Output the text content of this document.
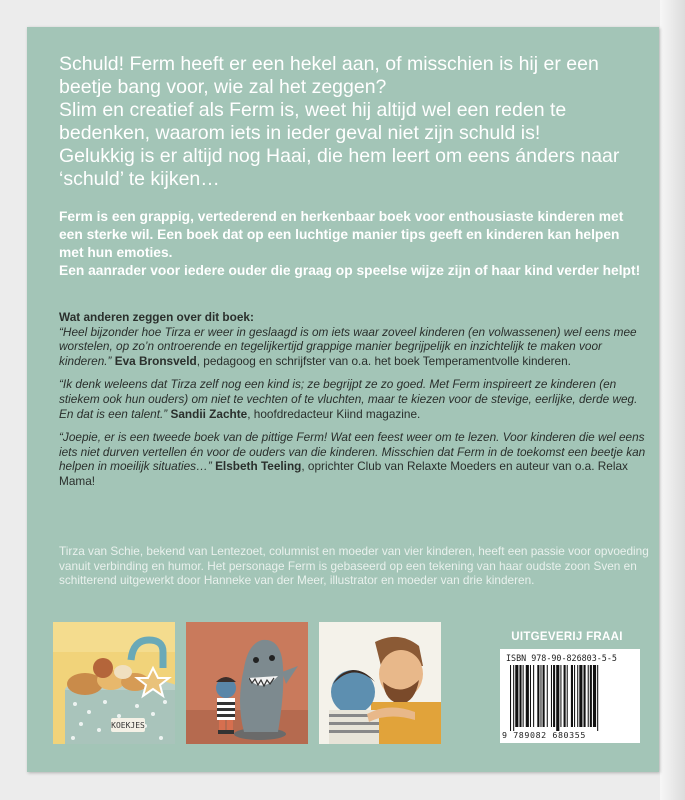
Schuld! Ferm heeft er een hekel aan, of misschien is hij er een beetje bang voor, wie zal het zeggen?

Slim en creatief als Ferm is, weet hij altijd wel een reden te bedenken, waarom iets in ieder geval niet zijn schuld is!

Gelukkig is er altijd nog Haai, die hem leert om eens ánders naar ‘schuld’ te kijken…

Ferm is een grappig, vertederend en herkenbaar boek voor enthousiaste kinderen met een sterke wil. Een boek dat op een luchtige manier tips geeft en kinderen kan helpen met hun emoties.

Een aanrader voor iedere ouder die graag op speelse wijze zijn of haar kind verder helpt!

Wat anderen zeggen over dit boek:

“Heel bijzonder hoe Tirza er weer in geslaagd is om iets waar zoveel kinderen (en volwassenen) wel eens mee worstelen, op zo’n ontroerende en tegelijkertijd grappige manier begrijpelijk en inzichtelijk te maken voor kinderen.” Eva Bronsveld, pedagoog en schrijfster van o.a. het boek Temperamentvolle kinderen.

“Ik denk weleens dat Tirza zelf nog een kind is; ze begrijpt ze zo goed. Met Ferm inspireert ze kinderen (en stiekem ook hun ouders) om niet te vechten of te vluchten, maar te kiezen voor de stevige, eerlijke, derde weg. En dat is een talent.” Sandii Zachte, hoofdredacteur Kiind magazine.

“Joepie, er is een tweede boek van de pittige Ferm! Wat een feest weer om te lezen. Voor kinderen die wel eens iets niet durven vertellen én voor de ouders van die kinderen. Misschien dat Ferm in de toekomst een beetje kan helpen in moeilijk situaties…” Elsbeth Teeling, oprichter Club van Relaxte Moeders en auteur van o.a. Relax Mama!

Tirza van Schie, bekend van Lentezoet, columnist en moeder van vier kinderen, heeft een passie voor opvoeding vanuit verbinding en humor. Het personage Ferm is gebaseerd op een tekening van haar oudste zoon Sven en schitterend uitgewerkt door Hanneke van der Meer, illustrator en moeder van drie kinderen.

KOEKJES
UITGEVERIJ FRAAI
ISBN 978-90-826803-5-5
9 789082 680355
